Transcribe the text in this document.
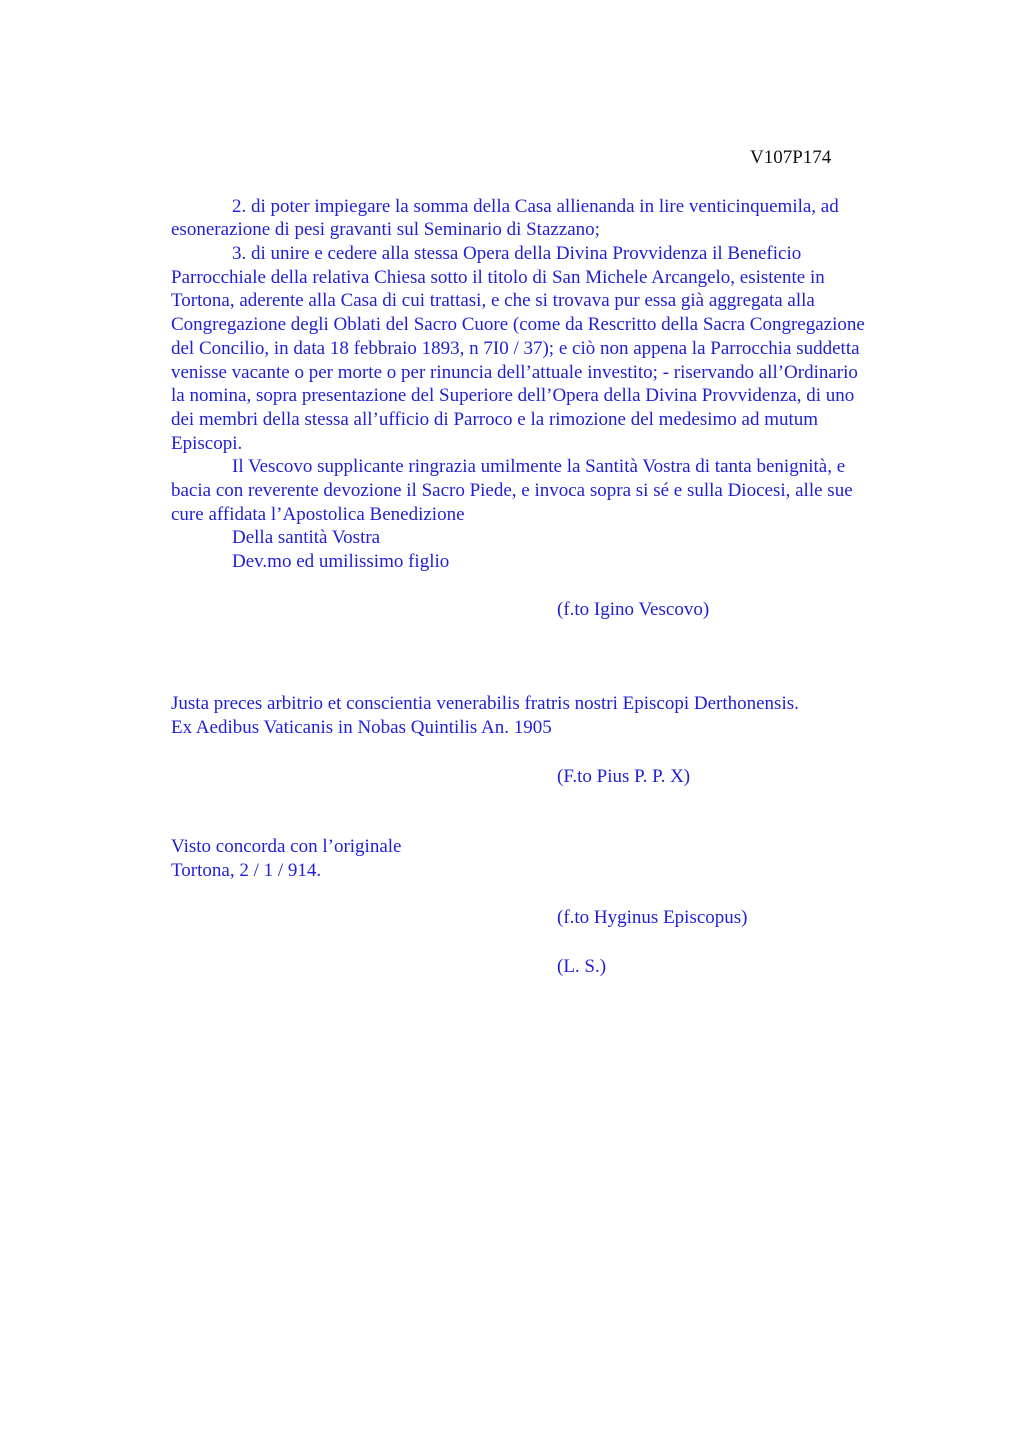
V107P174
2. di poter impiegare la somma della Casa allienanda in lire venticinquemila, ad
esonerazione di pesi gravanti sul Seminario di Stazzano;
3. di unire e cedere alla stessa Opera della Divina Provvidenza il Beneficio
Parrocchiale della relativa Chiesa sotto il titolo di San Michele Arcangelo, esistente in
Tortona, aderente alla Casa di cui trattasi, e che si trovava pur essa già aggregata alla
Congregazione degli Oblati del Sacro Cuore (come da Rescritto della Sacra Congregazione
del Concilio, in data 18 febbraio 1893, n 7I0 / 37); e ciò non appena la Parrocchia suddetta
venisse vacante o per morte o per rinuncia dell’attuale investito; - riservando all’Ordinario
la nomina, sopra presentazione del Superiore dell’Opera della Divina Provvidenza, di uno
dei membri della stessa all’ufficio di Parroco e la rimozione del medesimo ad mutum
Episcopi.
Il Vescovo supplicante ringrazia umilmente la Santità Vostra di tanta benignità, e
bacia con reverente devozione il Sacro Piede, e invoca sopra si sé e sulla Diocesi, alle sue
cure affidata l’Apostolica Benedizione
Della santità Vostra
Dev.mo ed umilissimo figlio
(f.to Igino Vescovo)
Justa preces arbitrio et conscientia venerabilis fratris nostri Episcopi Derthonensis.
Ex Aedibus Vaticanis in Nobas Quintilis An. 1905
(F.to Pius P. P. X)
Visto concorda con l’originale
Tortona, 2 / 1 / 914.
(f.to Hyginus Episcopus)
(L. S.)
